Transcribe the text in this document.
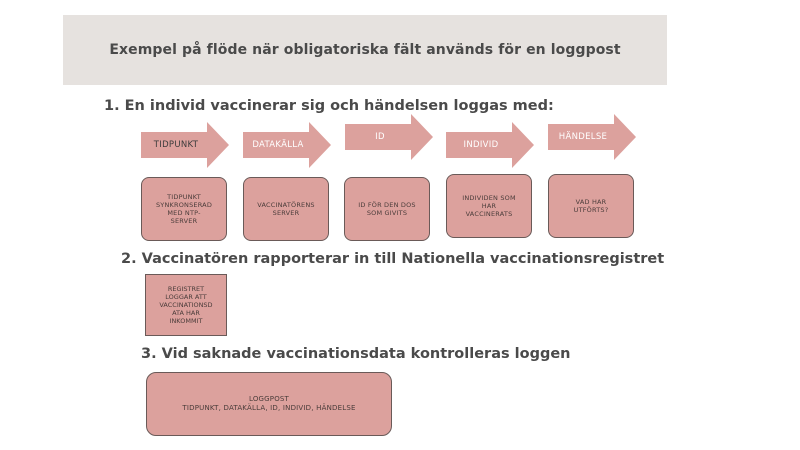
Exempel på flöde när obligatoriska fält används för en loggpost
1. En individ vaccinerar sig och händelsen loggas med:
TIDPUNKT	DATAKÄLLA
ID
INDIVID
HÄNDELSE
TIDPUNKT
SYNKRONSERAD
MED NTP-
SERVER
VACCINATÖRENS
SERVER
ID FÖR DEN DOS
SOM GIVITS
INDIVIDEN SOM
HAR
VACCINERATS
VAD HAR
UTFÖRTS?
2. Vaccinatören rapporterar in till Nationella vaccinationsregistret
REGISTRET
LOGGAR ATT
VACCINATIONSD
ATA HAR
INKOMMIT
3. Vid saknade vaccinationsdata kontrolleras loggen
LOGGPOST
TIDPUNKT, DATAKÄLLA, ID, INDIVID, HÄNDELSE
